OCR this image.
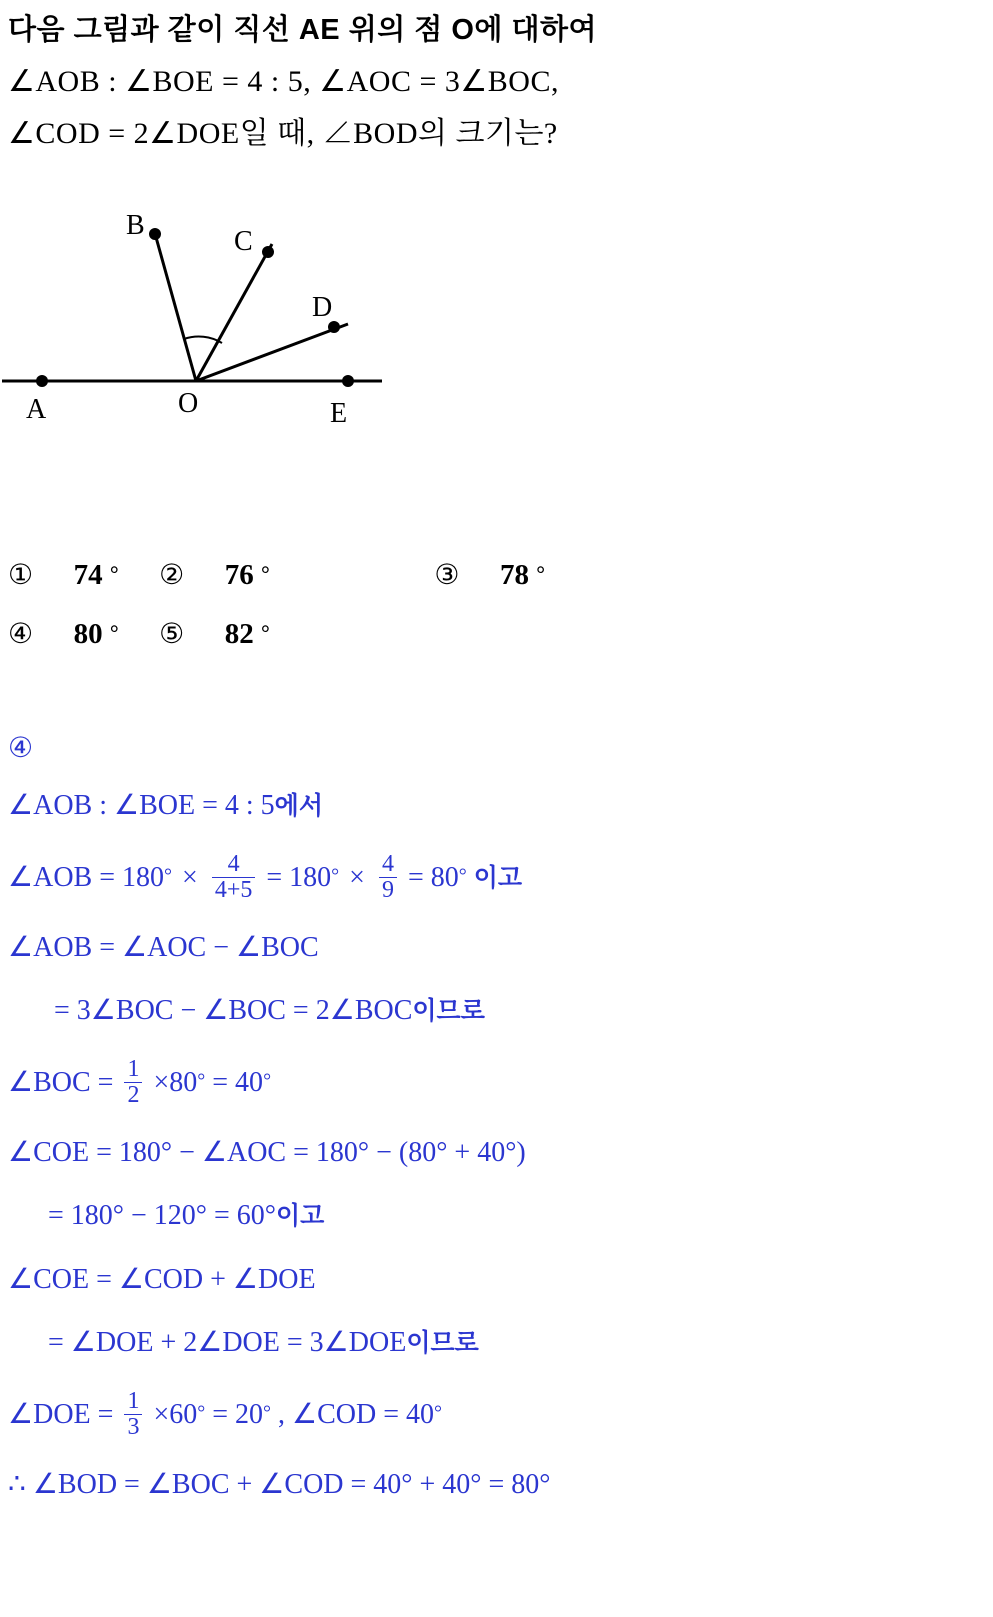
다음 그림과 같이 직선 AE 위의 점 O에 대하여
∠AOB : ∠BOE = 4 : 5, ∠AOC = 3∠BOC,
∠COD = 2∠DOE일 때, ∠BOD의 크기는?
B
C
D
A	O	E
① 74 ° ② 76 °	③ 78 °
④ 80 ° ⑤ 82 °
④
∠AOB : ∠BOE = 4 : 5에서
∠AOB = $180^\circ \times \frac{4}{4+5} = 180^\circ \times \frac{4}{9} = 80^\circ$ 이고
∠AOB = ∠AOC − ∠BOC
= 3∠BOC − ∠BOC = 2∠BOC이므로
∠BOC = $\frac{1}{2} \times 80^\circ = 40^\circ$
∠COE = 180° − ∠AOC = 180° − (80° + 40°)
= 180° − 120° = 60°이고
∠COE = ∠COD + ∠DOE
= ∠DOE + 2∠DOE = 3∠DOE이므로
∠DOE = $\frac{1}{3} \times 60^\circ = 20^\circ$ , ∠COD = 40°
∴ ∠BOD = ∠BOC + ∠COD = 40° + 40° = 80°
